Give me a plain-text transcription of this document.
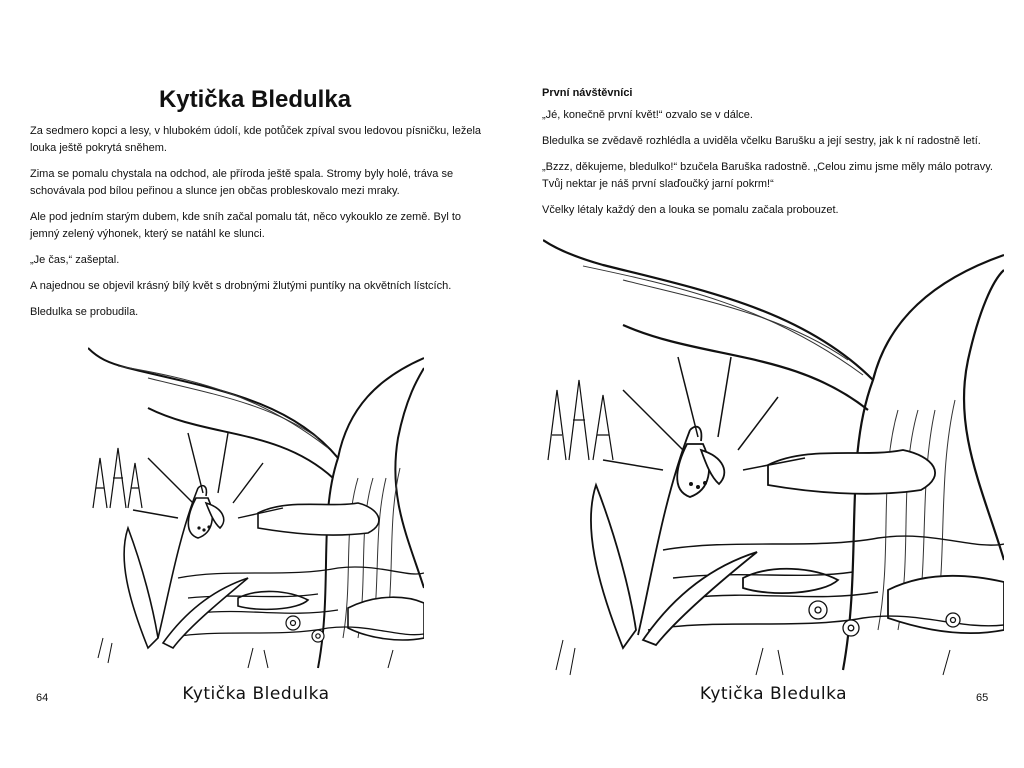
Kytička Bledulka

Za sedmero kopci a lesy, v hlubokém údolí, kde potůček zpíval svou ledovou písničku, ležela louka ještě pokrytá sněhem.

Zima se pomalu chystala na odchod, ale příroda ještě spala. Stromy byly holé, tráva se schovávala pod bílou peřinou a slunce jen občas probleskovalo mezi mraky.

Ale pod jedním starým dubem, kde sníh začal pomalu tát, něco vykouklo ze země. Byl to jemný zelený výhonek, který se natáhl ke slunci.

„Je čas,“ zašeptal.

A najednou se objevil krásný bílý květ s drobnými žlutými puntíky na okvětních lístcích.

Bledulka se probudila.

Kytička Bledulka
64
První návštěvníci

„Jé, konečně první květ!“ ozvalo se v dálce.

Bledulka se zvědavě rozhlédla a uviděla včelku Barušku a její sestry, jak k ní radostně letí.

„Bzzz, děkujeme, bledulko!“ bzučela Baruška radostně. „Celou zimu jsme měly málo potravy. Tvůj nektar je náš první slaďoučký jarní pokrm!“

Včelky létaly každý den a louka se pomalu začala probouzet.

Kytička Bledulka	65
